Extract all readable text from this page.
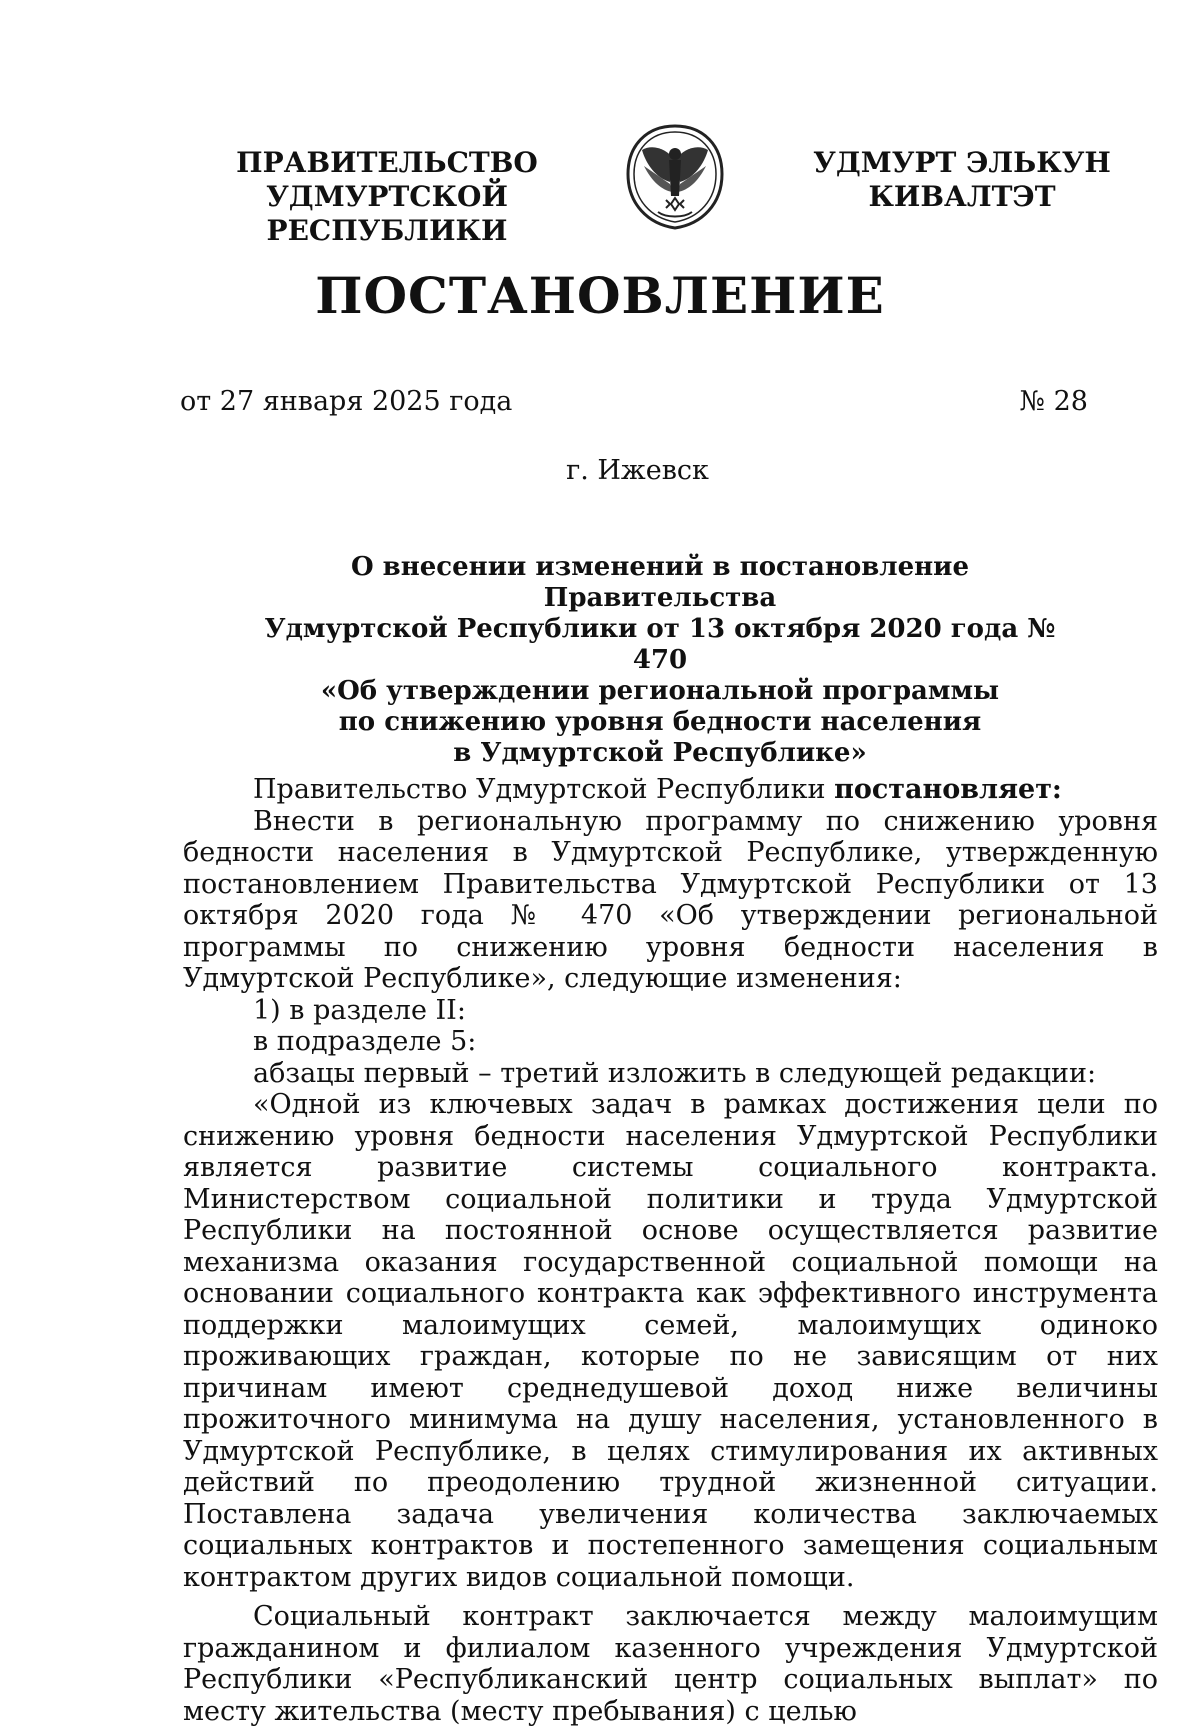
ПРАВИТЕЛЬСТВО
УДМУРТСКОЙ РЕСПУБЛИКИ
УДМУРТ ЭЛЬКУН
КИВАЛТЭТ
ПОСТАНОВЛЕНИЕ
от 27 января 2025 года	№ 28
г. Ижевск
О внесении изменений в постановление Правительства
Удмуртской Республики от 13 октября 2020 года № 470
«Об утверждении региональной программы
по снижению уровня бедности населения
в Удмуртской Республике»

Правительство Удмуртской Республики постановляет:

Внести в региональную программу по снижению уровня бедности населения в Удмуртской Республике, утвержденную постановлением Правительства Удмуртской Республики от 13 октября 2020 года № 470 «Об утверждении региональной программы по снижению уровня бедности населения в Удмуртской Республике», следующие изменения:

1) в разделе II:

в подразделе 5:

абзацы первый – третий изложить в следующей редакции:

«Одной из ключевых задач в рамках достижения цели по снижению уровня бедности населения Удмуртской Республики является развитие системы социального контракта. Министерством социальной политики и труда Удмуртской Республики на постоянной основе осуществляется развитие механизма оказания государственной социальной помощи на основании социального контракта как эффективного инструмента поддержки малоимущих семей, малоимущих одиноко проживающих граждан, которые по не зависящим от них причинам имеют среднедушевой доход ниже величины прожиточного минимума на душу населения, установленного в Удмуртской Республике, в целях стимулирования их активных действий по преодолению трудной жизненной ситуации. Поставлена задача увеличения количества заключаемых социальных контрактов и постепенного замещения социальным контрактом других видов социальной помощи.

Социальный контракт заключается между малоимущим гражданином и филиалом казенного учреждения Удмуртской Республики «Республиканский центр социальных выплат» по месту жительства (месту пребывания) с целью
